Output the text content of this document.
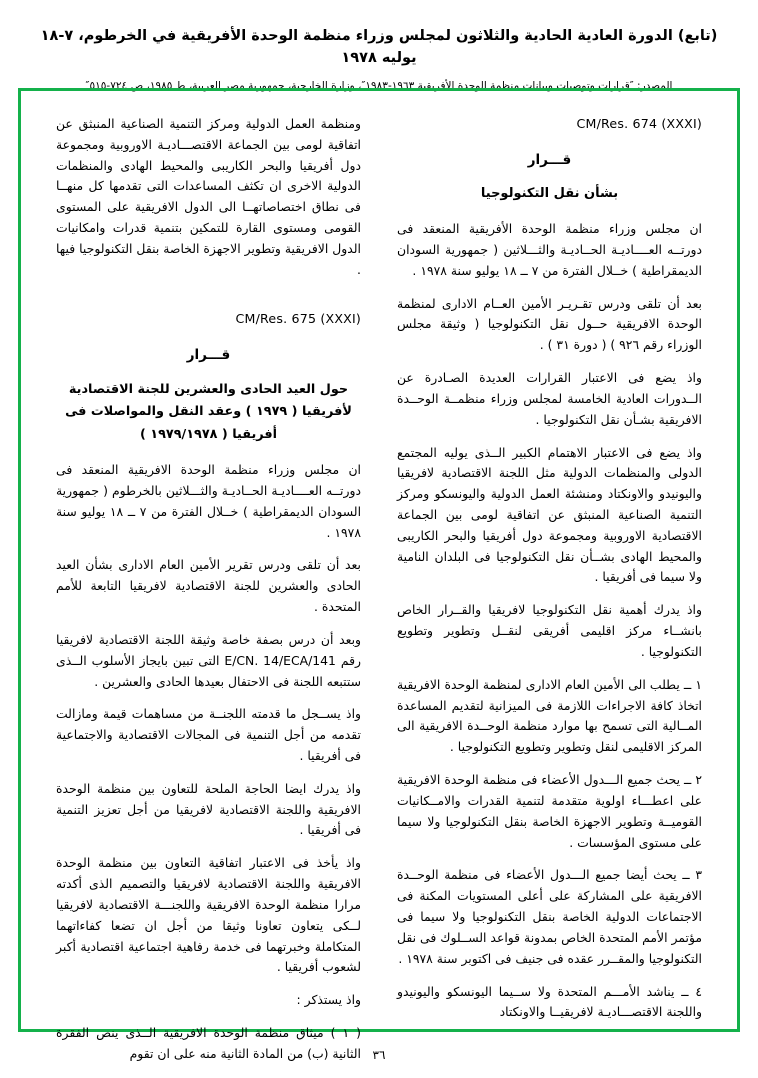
(تابع) الدورة العادية الحادية والثلاثون لمجلس وزراء منظمة الوحدة الأفريقية في الخرطوم، ٧-١٨ يوليه ١٩٧٨
المصدر: ″قرارات وتوصيات وبيانات منظمة الوحدة الأفريقية ١٩٦٣-١٩٨٣″، وزارة الخارجية، جمهورية مصر العربية، ط ١٩٨٥، ص ٧٢٤-٥١٥″
CM/Res. 674 (XXXI)
قـــرار
بشأن نقل التكنولوجيا

ان مجلس وزراء منظمة الوحدة الأفريقية المنعقد فى دورتــه العــــاديـة الحــاديـة والثـــلاثين ( جمهورية السودان الديمقراطية ) خــلال الفترة من ٧ ــ ١٨ يوليو سنة ١٩٧٨ .

بعد أن تلقى ودرس تقـريـر الأمين العــام الادارى لمنظمة الوحدة الافريقية حــول نقل التكنولوجيا ( وثيقة مجلس الوزراء رقم ٩٢٦ ) ( دورة ٣١ ) .

واذ يضع فى الاعتبار القرارات العديدة الصـادرة عن الــدورات العادية الخامسة لمجلس وزراء منظمــة الوحــدة الافريقية بشـأن نقل التكنولوجيا .

واذ يضع فى الاعتبار الاهتمام الكبير الــذى يوليه المجتمع الدولى والمنظمات الدولية مثل اللجنة الاقتصادية لافريقيا واليونيدو والاونكتاد ومنشئة العمل الدولية واليونسكو ومركز التنمية الصناعية المنبثق عن اتفاقية لومى بين الجماعة الاقتصادية الاوروبية ومجموعة دول أفريقيا والبحر الكاريبى والمحيط الهادى بشــأن نقل التكنولوجيا فى البلدان النامية ولا سيما فى أفريقيا .

واذ يدرك أهمية نقل التكنولوجيا لافريقيا والقــرار الخاص بانشــاء مركز اقليمى أفريقى لنقــل وتطوير وتطويع التكنولوجيا .

١ ــ يطلب الى الأمين العام الادارى لمنظمة الوحدة الافريقية اتخاذ كافة الاجراءات اللازمة فى الميزانية لتقديم المساعدة المــالية التى تسمح بها موارد منظمة الوحــدة الافريقية الى المركز الاقليمى لنقل وتطوير وتطويع التكنولوجيا .

٢ ــ يحث جميع الـــدول الأعضاء فى منظمة الوحدة الافريقية على اعطـــاء اولوية متقدمة لتنمية القدرات والامــكانيات القوميــة وتطوير الاجهزة الخاصة بنقل التكنولوجيا ولا سيما على مستوى المؤسسات .

٣ ــ يحث أيضا جميع الـــدول الأعضاء فى منظمة الوحــدة الافريقية على المشاركة على أعلى المستويات المكنة فى الاجتماعات الدولية الخاصة بنقل التكنولوجيا ولا سيما فى مؤتمر الأمم المتحدة الخاص بمدونة قواعد الســلوك فى نقل التكنولوجيا والمقــرر عقده فى جنيف فى اكتوبر سنة ١٩٧٨ .

٤ ــ يناشد الأمـــم المتحدة ولا ســيما اليونسكو واليونيدو واللجنة الاقتصـــاديـة لافريقيــا والاونكتاد

ومنظمة العمل الدولية ومركز التنمية الصناعية المنبثق عن اتفاقية لومى بين الجماعة الاقتصـــاديـة الاوروبية ومجموعة دول أفريقيا والبحر الكاريبى والمحيط الهادى والمنظمات الدولية الاخرى ان تكثف المساعدات التى تقدمها كل منهــا فى نطاق اختصاصاتهــا الى الدول الافريقية على المستوى القومى ومستوى القارة للتمكين بتنمية قدرات وامكانيات الدول الافريقية وتطوير الاجهزة الخاصة بنقل التكنولوجيا فيها .

CM/Res. 675 (XXXI)
قـــرار
حول العيد الحادى والعشرين للجنة الاقتصادية
لأفريقيا ( ١٩٧٩ ) وعقد النقل والمواصلات فى
أفريقيا ( ١٩٧٩/١٩٧٨ )

ان مجلس وزراء منظمة الوحدة الافريقية المنعقد فى دورتــه العــــاديـة الحــاديـة والثـــلاثين بالخرطوم ( جمهورية السودان الديمقراطية ) خــلال الفترة من ٧ ــ ١٨ يوليو سنة ١٩٧٨ .

بعد أن تلقى ودرس تقرير الأمين العام الادارى بشأن العيد الحادى والعشرين للجنة الاقتصادية لافريقيا التابعة للأمم المتحدة .

وبعد أن درس بصفة خاصة وثيقة اللجنة الاقتصادية لافريقيا رقم E/CN. 14/ECA/141 التى تبين بايجاز الأسلوب الــذى ستتبعه اللجنة فى الاحتفال بعيدها الحادى والعشرين .

واذ يســجل ما قدمته اللجنــة من مساهمات قيمة ومازالت تقدمه من أجل التنمية فى المجالات الاقتصادية والاجتماعية فى أفريقيا .

واذ يدرك ايضا الحاجة الملحة للتعاون بين منظمة الوحدة الافريقية واللجنة الاقتصادية لافريقيا من أجل تعزيز التنمية فى أفريقيا .

واذ يأخذ فى الاعتبار اتفاقية التعاون بين منظمة الوحدة الافريقية واللجنة الاقتصادية لافريقيا والتصميم الذى أكدته مرارا منظمة الوحدة الافريقية واللجنـــة الاقتصادية لافريقيا لــكى يتعاون تعاونا وثيقا من أجل ان تضعا كفاءاتهما المتكاملة وخبرتهما فى خدمة رفاهية اجتماعية اقتصادية أكبر لشعوب أفريقيا .

واذ يستذكر :

( ١ ) ميثاق منظمة الوحدة الافريقية الــذى ينص الفقرة الثانية (ب) من المادة الثانية منه على ان تقوم ٣٦
